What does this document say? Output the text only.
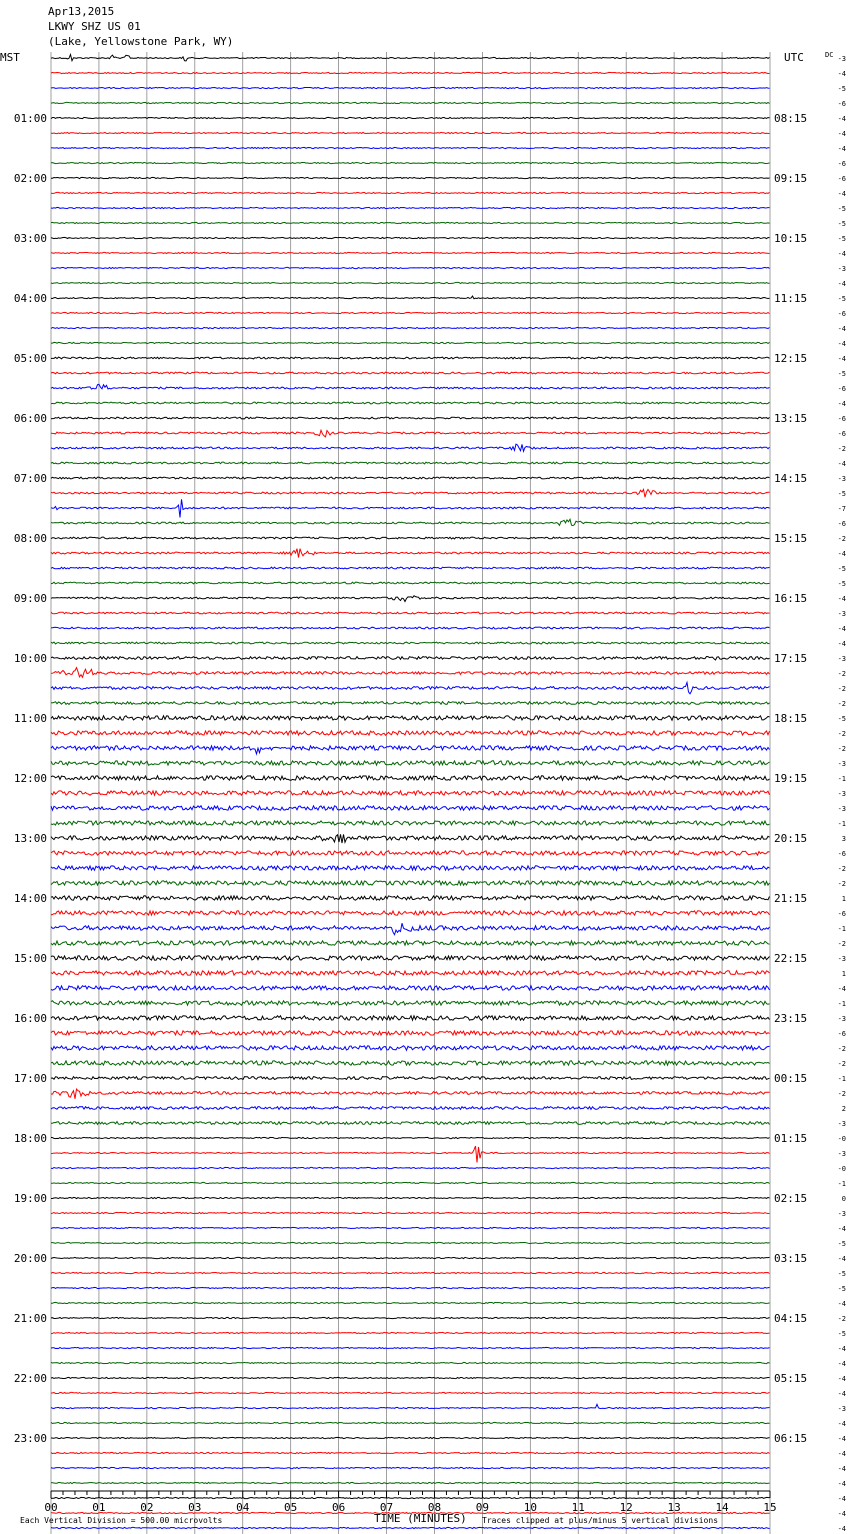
00	01	02	03	04	05	06	07	08	09	10	11	12	13	14	15
-3
-4
-5
-6
-4
-4
-4
-6
-6
-4
-5
-5
-5
-4
-3
-4
-5
-6
-4
-4
-4
-5
-6
-4
-6
-6
-2
-4
-3
-5
-7
-6
-2
-4
-5
-5
-4
-3
-4
-4
-3
-2
-2
-2
-5
-2
-2
-3
-1
-3
-3
-1
3
-6
-2
-2
1
-6
-1
-2
-3
1
-4
-1
-3
-6
-2
-2
-1
-2
2
-3
-0
-3
-0
-1
0
-3
-4
-5
-4
-5
-5
-4
-2
-5
-4
-4
-4
-4
-3
-4
-4
-4
-4
-4
-4
-4
-4
01:00
02:00
03:00
04:00
05:00
06:00
07:00
08:00
09:00
10:00
11:00
12:00
13:00
14:00
15:00
16:00
17:00
18:00
19:00
20:00
21:00
22:00
23:00
08:15
09:15
10:15
11:15
12:15
13:15
14:15
15:15
16:15
17:15
18:15
19:15
20:15
21:15
22:15
23:15
00:15
01:15
02:15
03:15
04:15
05:15
06:15
Apr13,2015
LKWY SHZ US 01
(Lake, Yellowstone Park, WY)
MST	UTC	DC
Each Vertical Division = 500.00 microvolts	TIME (MINUTES) Traces clipped at plus/minus 5 vertical divisions
